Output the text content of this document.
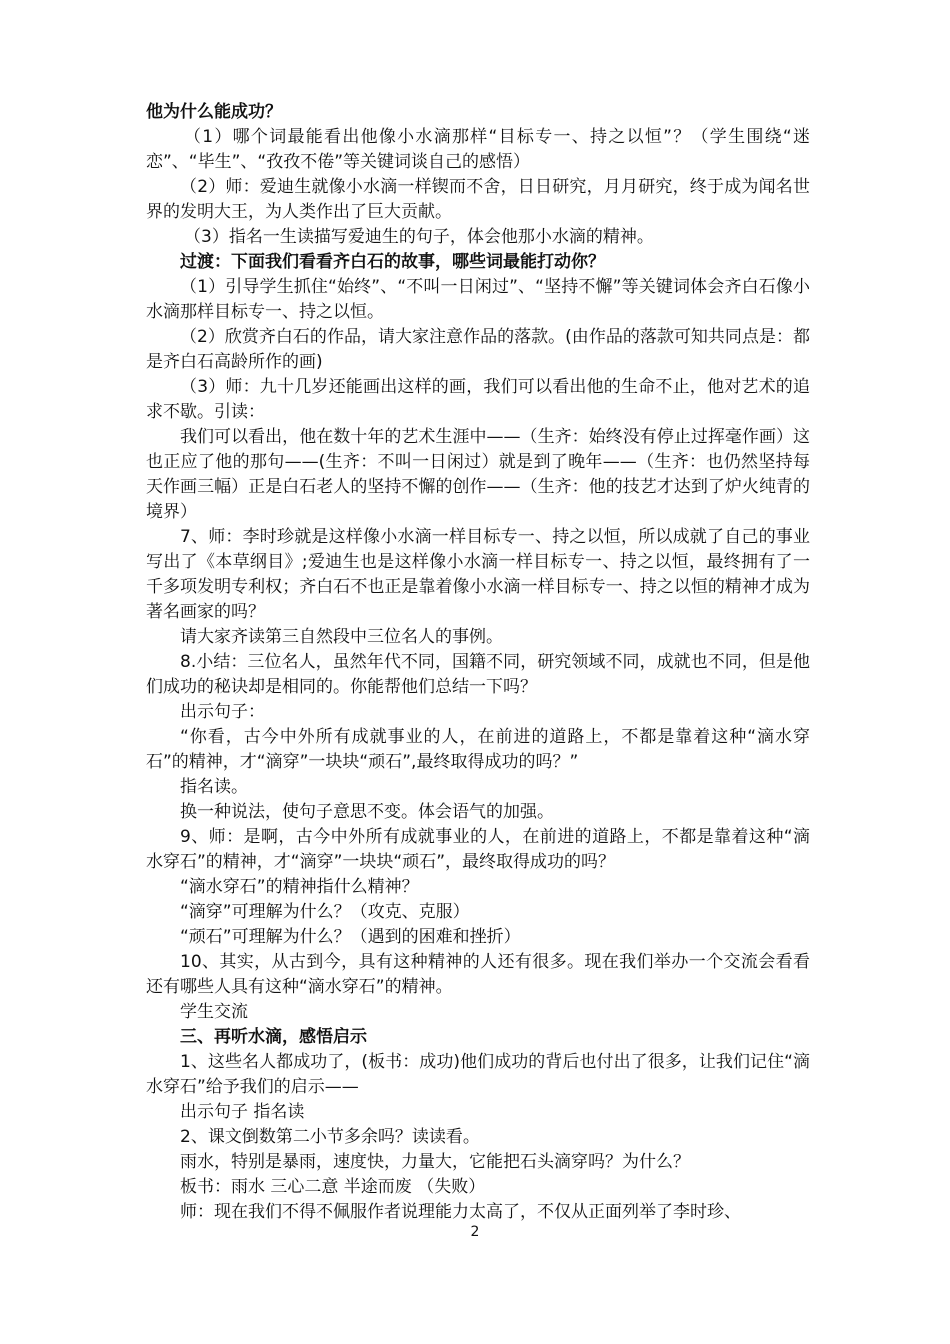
他为什么能成功？

（1）哪个词最能看出他像小水滴那样“目标专一、持之以恒”？（学生围绕“迷恋”、“毕生”、“孜孜不倦”等关键词谈自己的感悟）

（2）师：爱迪生就像小水滴一样锲而不舍，日日研究，月月研究，终于成为闻名世界的发明大王，为人类作出了巨大贡献。

（3）指名一生读描写爱迪生的句子，体会他那小水滴的精神。

过渡：下面我们看看齐白石的故事，哪些词最能打动你？

（1）引导学生抓住“始终”、“不叫一日闲过”、“坚持不懈”等关键词体会齐白石像小水滴那样目标专一、持之以恒。

（2）欣赏齐白石的作品，请大家注意作品的落款。(由作品的落款可知共同点是：都是齐白石高龄所作的画)

（3）师：九十几岁还能画出这样的画，我们可以看出他的生命不止，他对艺术的追求不歇。引读：

我们可以看出，他在数十年的艺术生涯中——（生齐：始终没有停止过挥毫作画）这也正应了他的那句——(生齐：不叫一日闲过）就是到了晚年——（生齐：也仍然坚持每天作画三幅）正是白石老人的坚持不懈的创作——（生齐：他的技艺才达到了炉火纯青的境界）

7、师：李时珍就是这样像小水滴一样目标专一、持之以恒，所以成就了自己的事业写出了《本草纲目》;爱迪生也是这样像小水滴一样目标专一、持之以恒，最终拥有了一千多项发明专利权；齐白石不也正是靠着像小水滴一样目标专一、持之以恒的精神才成为著名画家的吗？

请大家齐读第三自然段中三位名人的事例。

8.小结：三位名人，虽然年代不同，国籍不同，研究领域不同，成就也不同，但是他们成功的秘诀却是相同的。你能帮他们总结一下吗？

出示句子：

“你看，古今中外所有成就事业的人，在前进的道路上，不都是靠着这种“滴水穿石”的精神，才“滴穿”一块块“顽石”,最终取得成功的吗？”

指名读。

换一种说法，使句子意思不变。体会语气的加强。

9、师：是啊，古今中外所有成就事业的人，在前进的道路上，不都是靠着这种“滴水穿石”的精神，才“滴穿”一块块“顽石”，最终取得成功的吗？

“滴水穿石”的精神指什么精神？

“滴穿”可理解为什么？（攻克、克服）

“顽石”可理解为什么？（遇到的困难和挫折）

10、其实，从古到今，具有这种精神的人还有很多。现在我们举办一个交流会看看还有哪些人具有这种“滴水穿石”的精神。

学生交流

三、再听水滴，感悟启示

1、这些名人都成功了，(板书：成功)他们成功的背后也付出了很多，让我们记住“滴水穿石”给予我们的启示——

出示句子 指名读

2、课文倒数第二小节多余吗？读读看。

雨水，特别是暴雨，速度快，力量大，它能把石头滴穿吗？为什么？

板书：雨水 三心二意 半途而废 （失败）

师：现在我们不得不佩服作者说理能力太高了，不仅从正面列举了李时珍、

2
